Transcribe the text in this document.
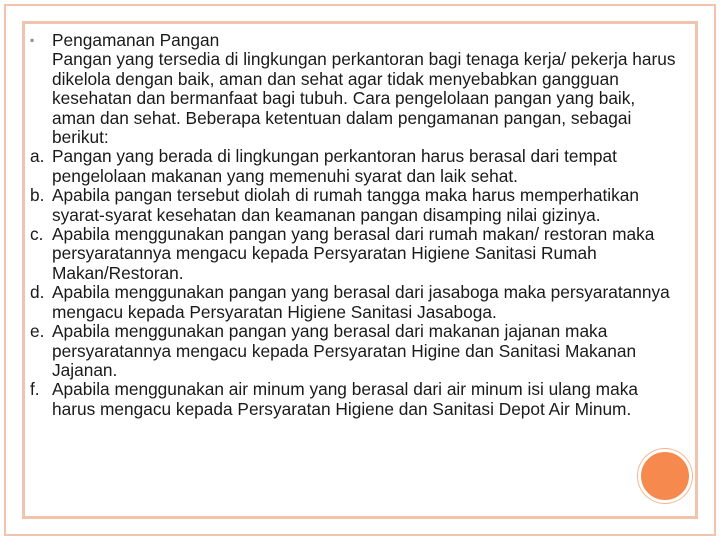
▪	Pengamanan Pangan
Pangan yang tersedia di lingkungan perkantoran bagi tenaga kerja/ pekerja harus dikelola dengan baik, aman dan sehat agar tidak menyebabkan gangguan kesehatan dan bermanfaat bagi tubuh. Cara pengelolaan pangan yang baik, aman dan sehat. Beberapa ketentuan dalam pengamanan pangan, sebagai berikut:
a. Pangan yang berada di lingkungan perkantoran harus berasal dari tempat pengelolaan makanan yang memenuhi syarat dan laik sehat.
b. Apabila pangan tersebut diolah di rumah tangga maka harus memperhatikan syarat-syarat kesehatan dan keamanan pangan disamping nilai gizinya.
c. Apabila menggunakan pangan yang berasal dari rumah makan/ restoran maka persyaratannya mengacu kepada Persyaratan Higiene Sanitasi Rumah Makan/Restoran.
d. Apabila menggunakan pangan yang berasal dari jasaboga maka persyaratannya mengacu kepada Persyaratan Higiene Sanitasi Jasaboga.
e. Apabila menggunakan pangan yang berasal dari makanan jajanan maka persyaratannya mengacu kepada Persyaratan Higine dan Sanitasi Makanan Jajanan.
f. Apabila menggunakan air minum yang berasal dari air minum isi ulang maka harus mengacu kepada Persyaratan Higiene dan Sanitasi Depot Air Minum.
